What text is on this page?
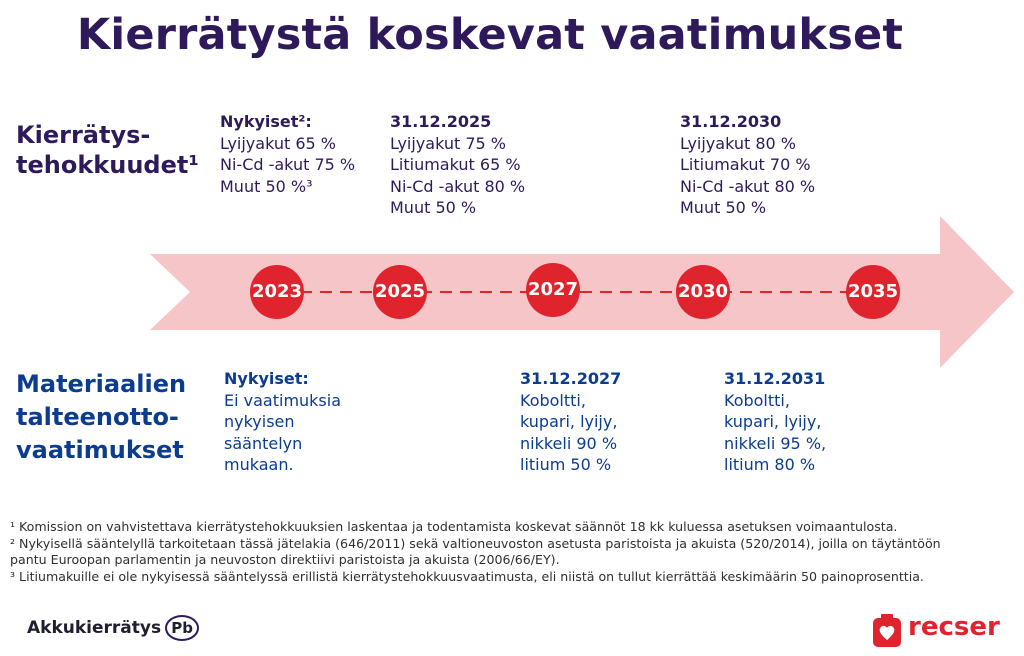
Kierrätystä koskevat vaatimukset
Kierrätys-
tehokkuudet¹
Materiaalien
talteenotto-
vaatimukset
Nykyiset²:
Lyijyakut 65 %
Ni-Cd -akut 75 %
Muut 50 %³
31.12.2025
Lyijyakut 75 %
Litiumakut 65 %
Ni-Cd -akut 80 %
Muut 50 %
31.12.2030
Lyijyakut 80 %
Litiumakut 70 %
Ni-Cd -akut 80 %
Muut 50 %
2023	2025	2027	2030	2035
Nykyiset:
Ei vaatimuksia
nykyisen
sääntelyn
mukaan.
31.12.2027
Koboltti,
kupari, lyijy,
nikkeli 90 %
litium 50 %
31.12.2031
Koboltti,
kupari, lyijy,
nikkeli 95 %,
litium 80 %
¹ Komission on vahvistettava kierrätystehokkuuksien laskentaa ja todentamista koskevat säännöt 18 kk kuluessa asetuksen voimaantulosta.
² Nykyisellä sääntelyllä tarkoitetaan tässä jätelakia (646/2011) sekä valtioneuvoston asetusta paristoista ja akuista (520/2014), joilla on täytäntöön
pantu Euroopan parlamentin ja neuvoston direktiivi paristoista ja akuista (2006/66/EY).
³ Litiumakuille ei ole nykyisessä sääntelyssä erillistä kierrätystehokkuusvaatimusta, eli niistä on tullut kierrättää keskimäärin 50 painoprosenttia.
Akkukierrätys Pb	recser
